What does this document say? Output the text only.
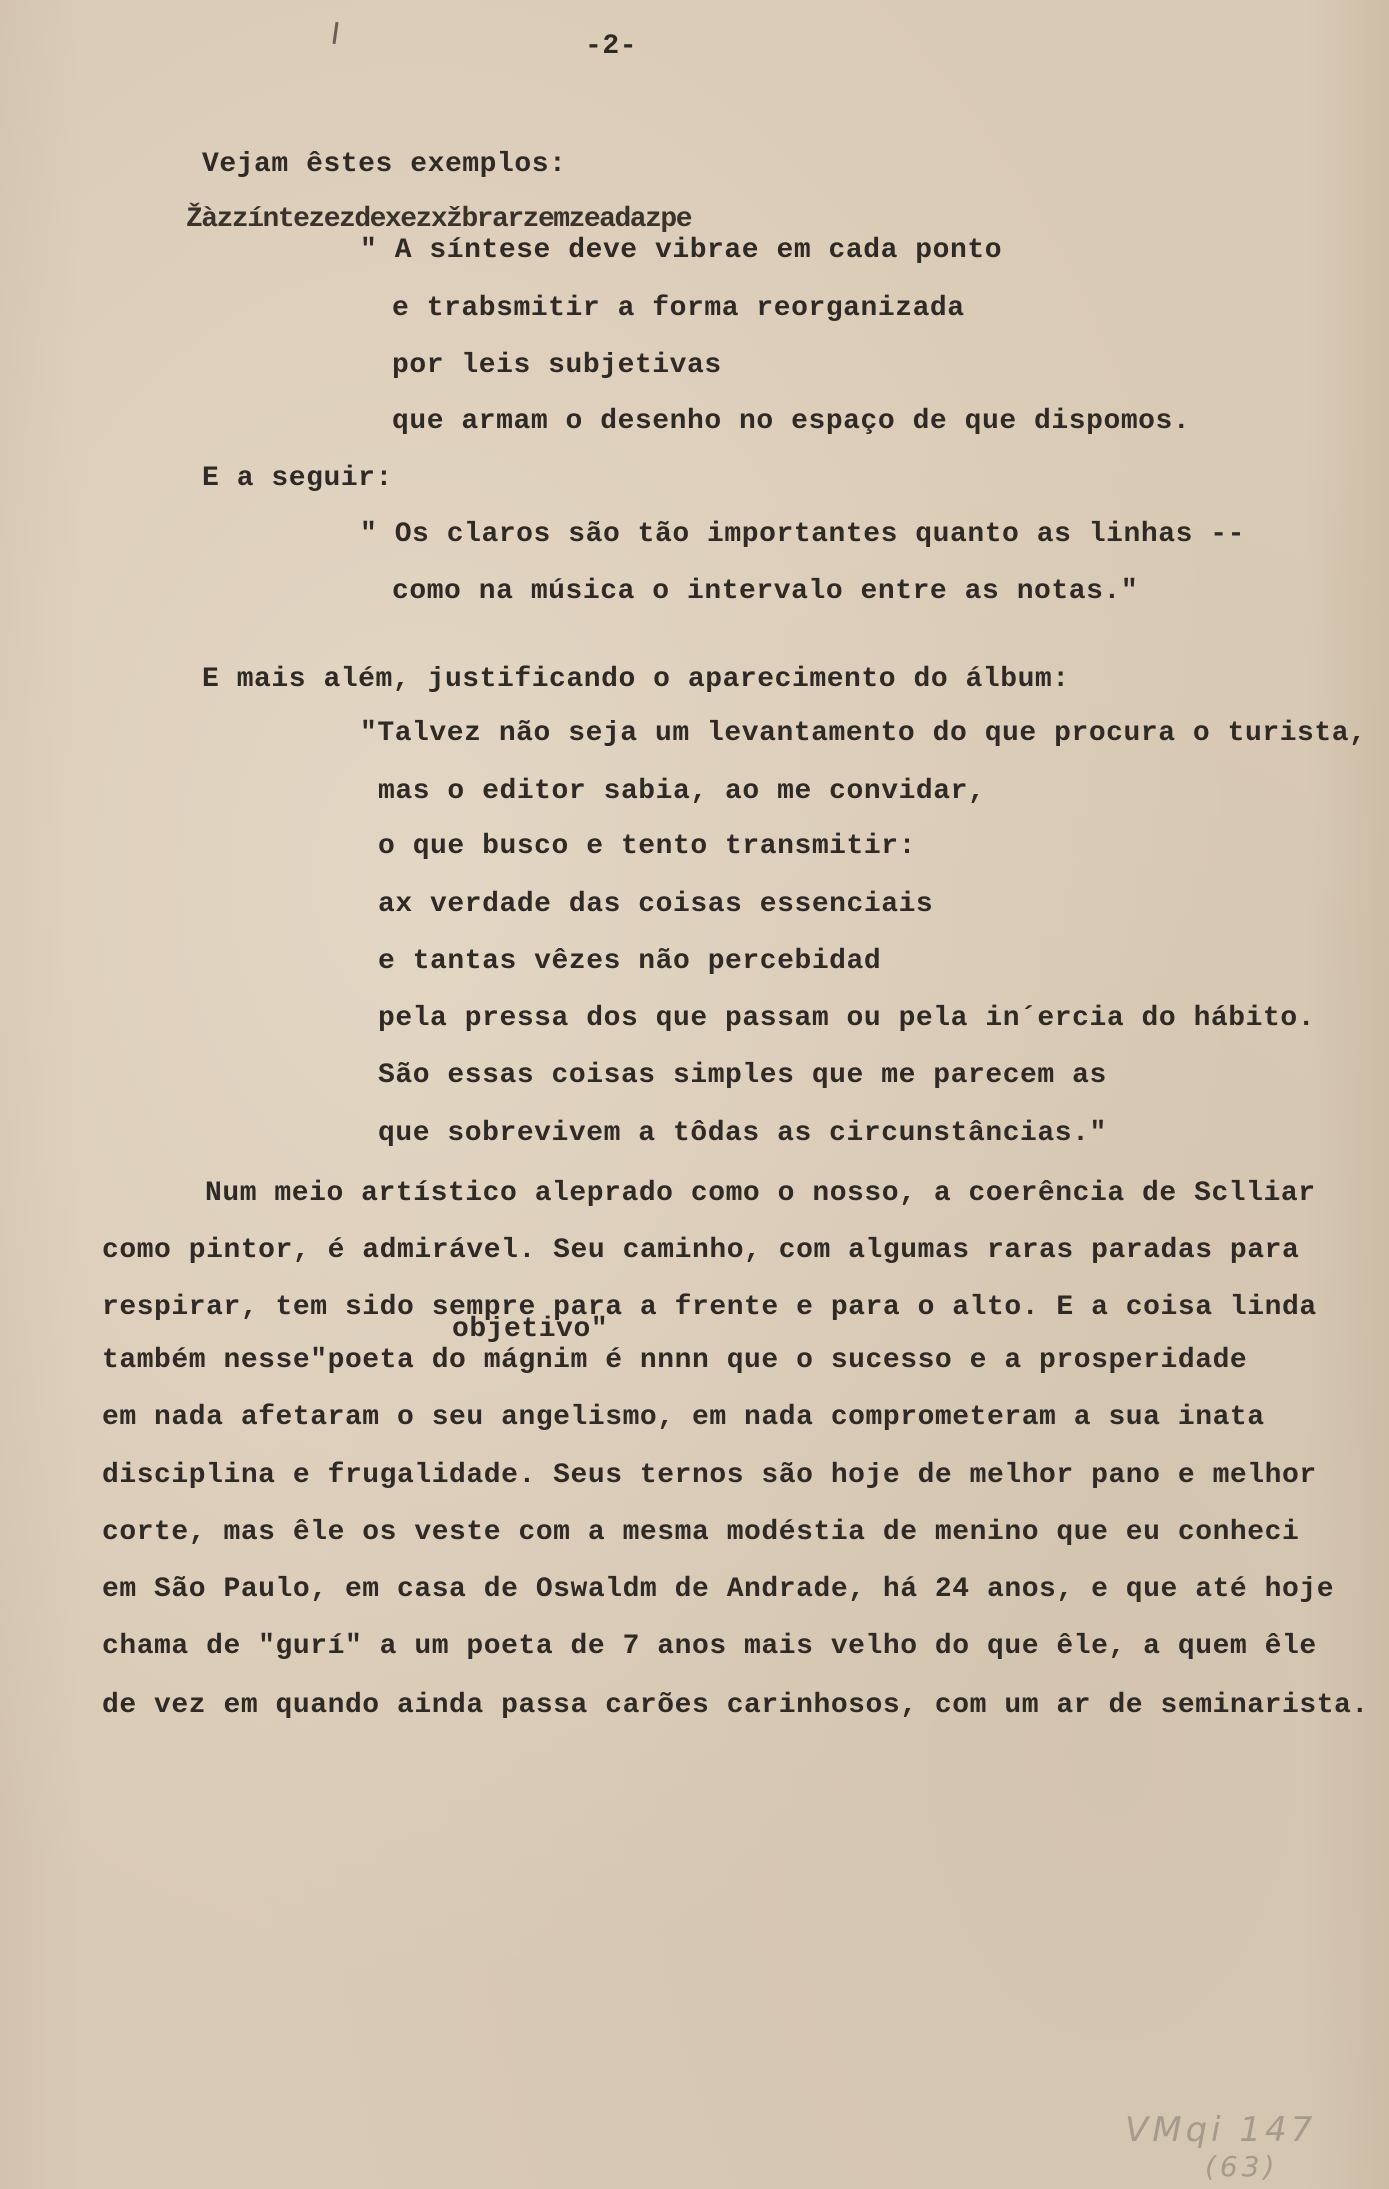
-2-
Vejam êstes exemplos:
Žàzzíntezezdexezxžbrarzemzeadazpe
" A síntese deve vibrae em cada ponto
e trabsmitir a forma reorganizada
por leis subjetivas
que armam o desenho no espaço de que dispomos.
E a seguir:
" Os claros são tão importantes quanto as linhas --
como na música o intervalo entre as notas."
E mais além, justificando o aparecimento do álbum:
"Talvez não seja um levantamento do que procura o turista,
mas o editor sabia, ao me convidar,
o que busco e tento transmitir:
ax verdade das coisas essenciais
e tantas vêzes não percebidad
pela pressa dos que passam ou pela in´ercia do hábito.
São essas coisas simples que me parecem as
que sobrevivem a tôdas as circunstâncias."
Num meio artístico aleprado como o nosso, a coerência de Sclliar
como pintor, é admirável. Seu caminho, com algumas raras paradas para
respirar, tem sido sempre para a frente e para o alto. E a coisa linda
objetivo"
também nesse"poeta do mágnim é nnnn que o sucesso e a prosperidade
em nada afetaram o seu angelismo, em nada comprometeram a sua inata
disciplina e frugalidade. Seus ternos são hoje de melhor pano e melhor
corte, mas êle os veste com a mesma modéstia de menino que eu conheci
em São Paulo, em casa de Oswaldm de Andrade, há 24 anos, e que até hoje
chama de "gurí" a um poeta de 7 anos mais velho do que êle, a quem êle
de vez em quando ainda passa carões carinhosos, com um ar de seminarista.
VMqi 147
(63)
